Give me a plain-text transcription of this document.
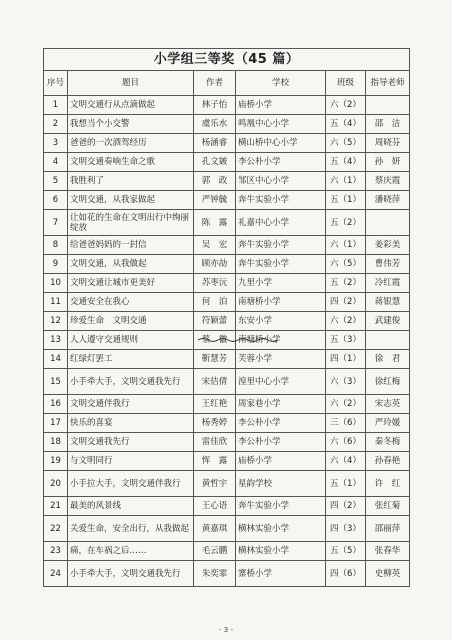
小学组三等奖（45 篇）					
序号	题目	作者	学校	班级	指导老师
1	文明交通行从点滴做起	林子怡	庙桥小学	六（2）	
2	我想当个小交警	虞乐水	鸣凰中心小学	五（4）	邵　洁
3	爸爸的一次酒驾经历	杨涵睿	横山桥中心小学	六（5）	周晓芬
4	文明交通奏响生命之歌	孔文皴	李公朴小学	五（4）	孙　妍
5	我胜利了	郭　政	邹区中心小学	六（1）	蔡庆霞
6	文明交通，从我家做起	严钟毓	奔牛实验小学	五（1）	潘晓萍
7	让如花的生命在文明出行中绚丽绽放	陈　露	礼嘉中心小学	五（2）	
8	给爸爸妈妈的一封信	吴　宏	奔牛实验小学	六（1）	姜彩美
9	文明交通，从我做起	顾亦劼	奔牛实验小学	六（5）	曹伟芳
10	文明交通让城市更美好	苏枣沅	九里小学	五（2）	冷红霞
11	交通安全在我心	何　泊	南塘桥小学	四（2）	蒋银慧
12	珍爱生命　文明交通	符颖蕾	东安小学	六（2）	武建俊
13	人人遵守交通规则	蔡　徽	南塘桥小学	五（3）	
14	红绿灯罢工	靳慧芳	芙蓉小学	四（1）	徐　君
15	小手牵大手，文明交通我先行	宋佶倩	湟里中心小学	六（3）	徐红梅
16	文明交通伴我行	王红艳	周家巷小学	六（2）	宋志英
17	快乐的喜宴	杨秀婷	李公朴小学	三（6）	严玲媛
18	文明交通我先行	雷佳欣	李公朴小学	六（6）	秦冬梅
19	与文明同行	恽　露	庙桥小学	六（4）	孙春艳
20	小手拉大手，文明交通伴我行	黄哲宇	星韵学校	五（1）	许　红
21	最美的风景线	王心语	奔牛实验小学	四（2）	张红菊
22	关爱生命，安全出行，从我做起	黄嘉琪	横林实验小学	四（3）	邵丽萍
23	痛，在车祸之后……	毛云鹏	横林实验小学	五（5）	张春华
24	小手牵大手，文明交通我先行	朱奕霏	寨桥小学	四（6）	史柳英
- 3 -
